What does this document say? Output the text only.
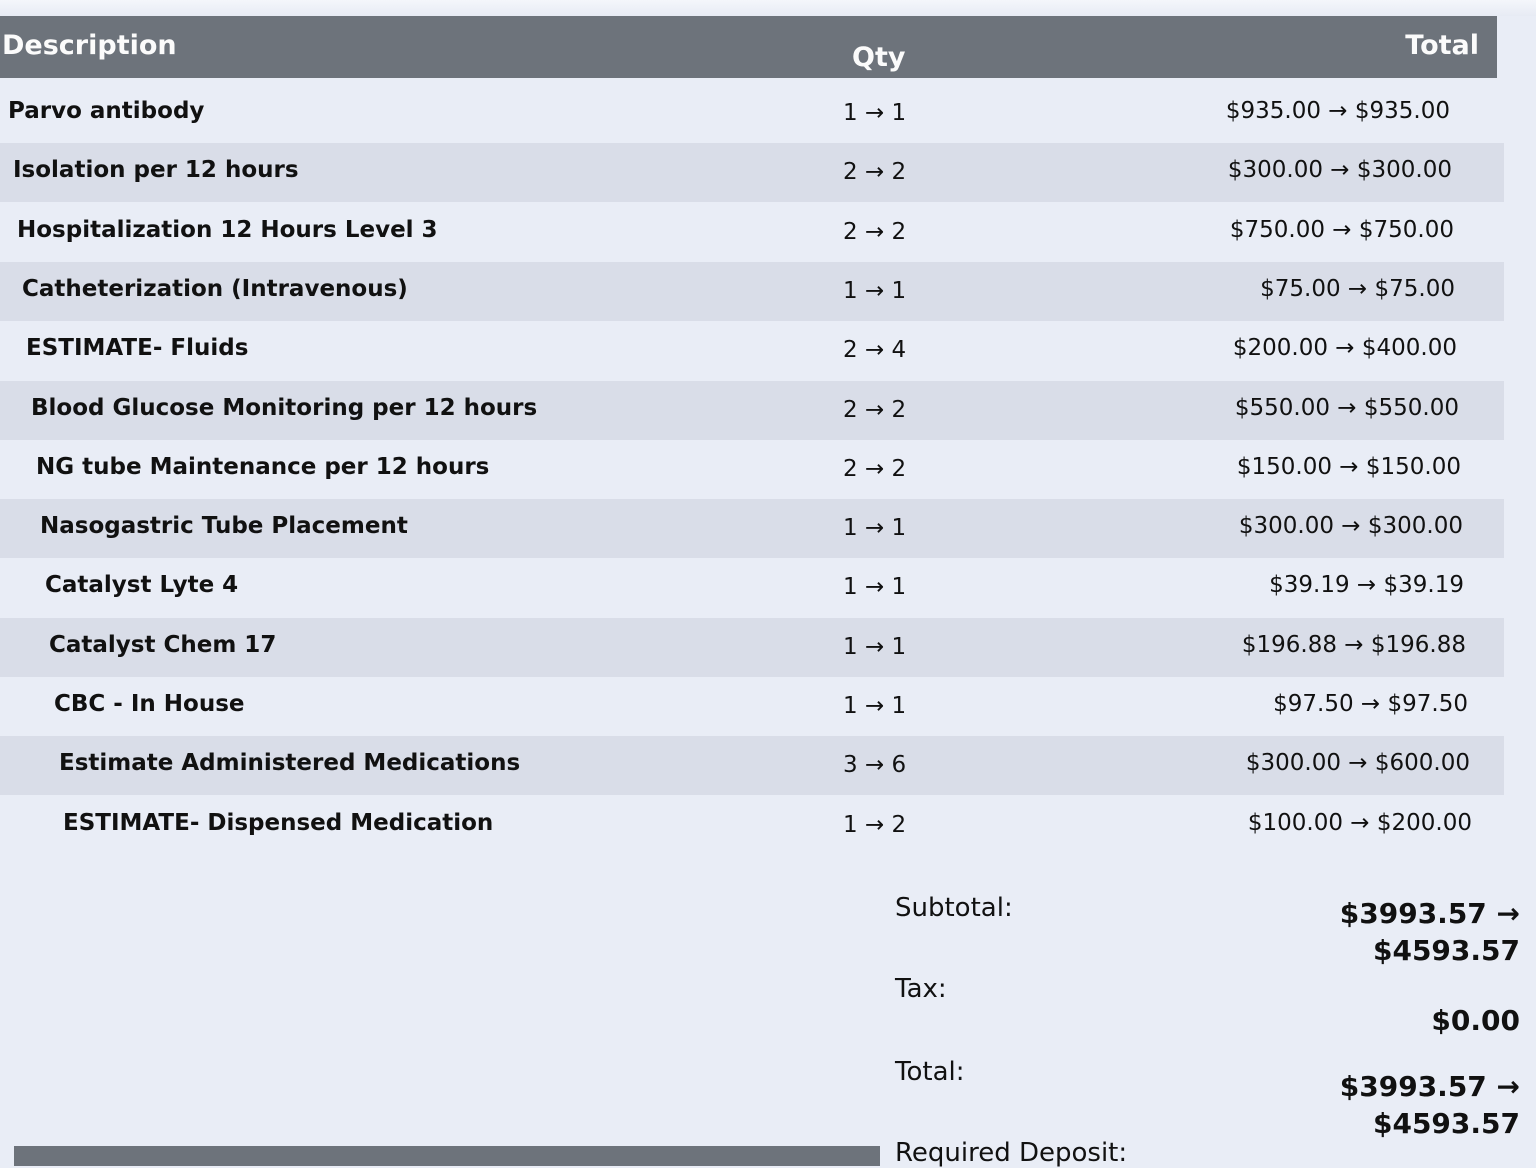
Description	Qty	Total
Parvo antibody	1 → 1	$935.00 → $935.00
Isolation per 12 hours	2 → 2	$300.00 → $300.00
Hospitalization 12 Hours Level 3	2 → 2	$750.00 → $750.00
Catheterization (Intravenous)	1 → 1	$75.00 → $75.00
ESTIMATE- Fluids	2 → 4	$200.00 → $400.00
Blood Glucose Monitoring per 12 hours	2 → 2	$550.00 → $550.00
NG tube Maintenance per 12 hours	2 → 2	$150.00 → $150.00
Nasogastric Tube Placement	1 → 1	$300.00 → $300.00
Catalyst Lyte 4	1 → 1	$39.19 → $39.19
Catalyst Chem 17	1 → 1	$196.88 → $196.88
CBC - In House	1 → 1	$97.50 → $97.50
Estimate Administered Medications	3 → 6	$300.00 → $600.00
ESTIMATE- Dispensed Medication	1 → 2	$100.00 → $200.00
Subtotal:	$3993.57 →
$4593.57
Tax:
$0.00
Total:	$3993.57 →
$4593.57
Required Deposit:
